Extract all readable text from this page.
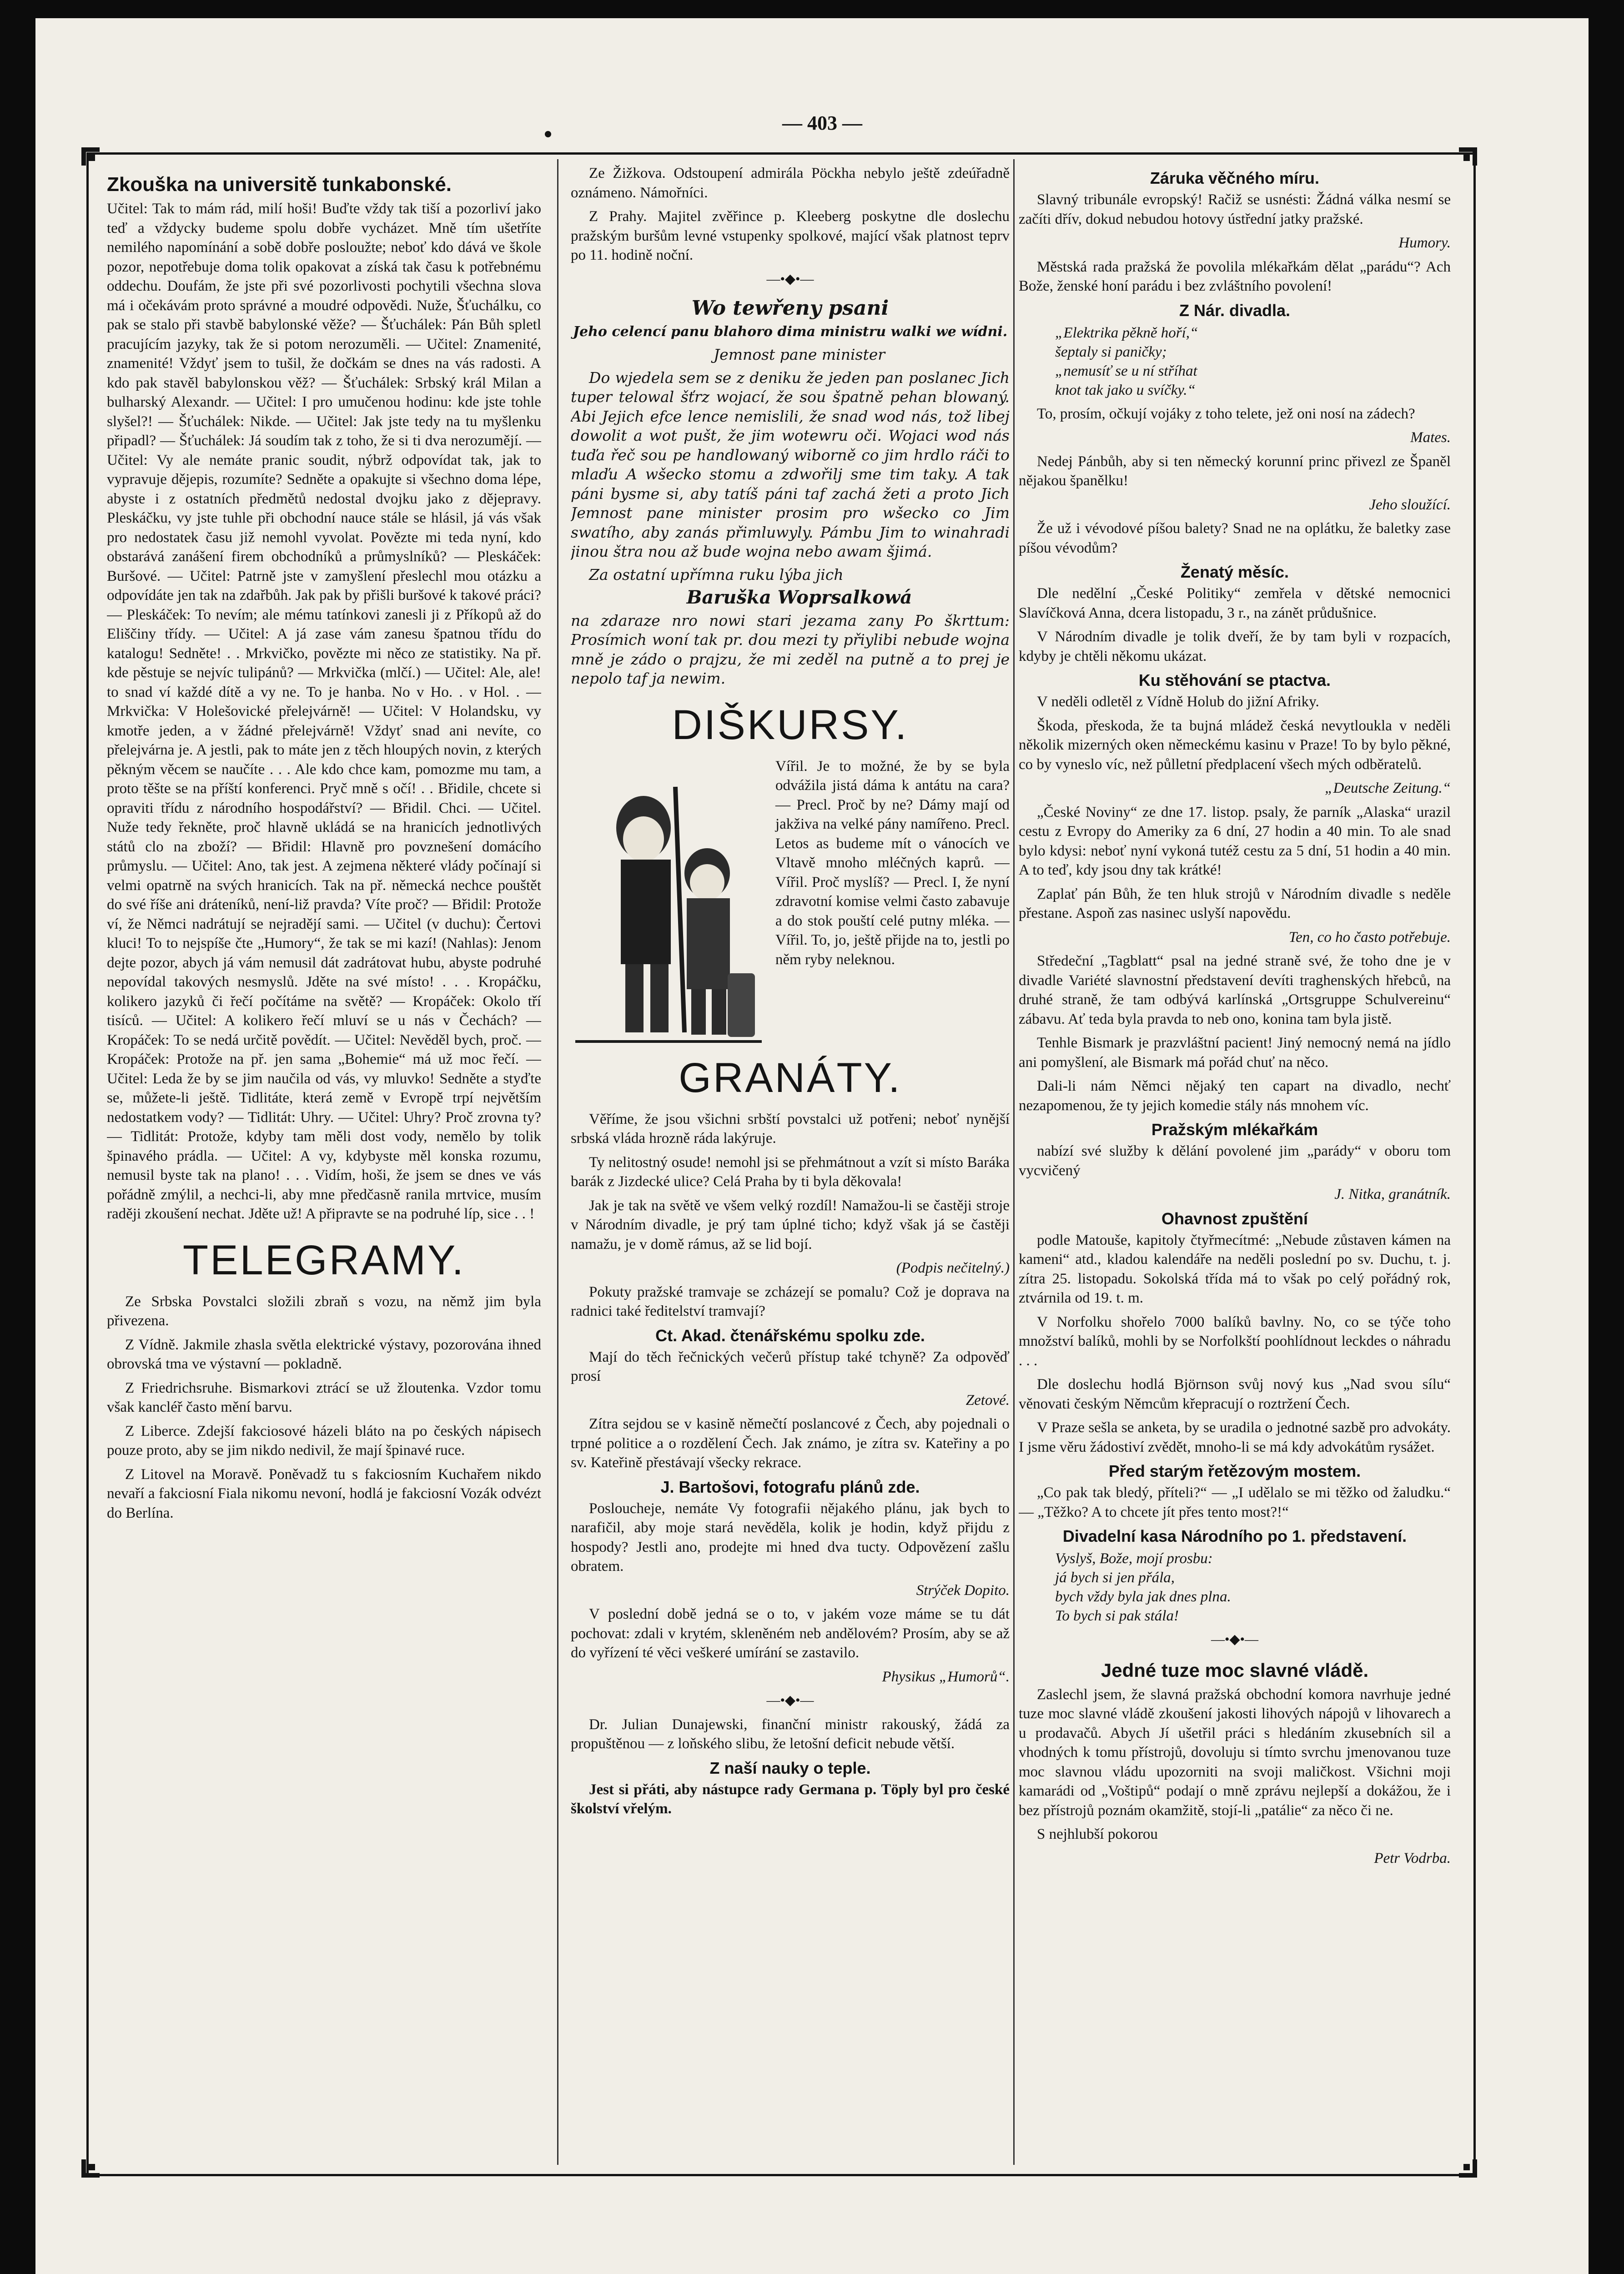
— 403 —
Zkouška na universitě tunkabonské.

Učitel: Tak to mám rád, milí hoši! Buďte vždy tak tiší a pozorliví jako teď a vždycky budeme spolu dobře vycházet. Mně tím ušetříte nemilého napomínání a sobě dobře posloužte; neboť kdo dává ve škole pozor, nepotřebuje doma tolik opakovat a získá tak času k potřebnému oddechu. Doufám, že jste při své pozorlivosti pochytili všechna slova má i očekávám proto správné a moudré odpovědi. Nuže, Šťuchálku, co pak se stalo při stavbě babylonské věže? — Šťuchálek: Pán Bůh spletl pracujícím jazyky, tak že si potom nerozuměli. — Učitel: Znamenité, znamenité! Vždyť jsem to tušil, že dočkám se dnes na vás radosti. A kdo pak stavěl babylonskou věž? — Šťuchálek: Srbský král Milan a bulharský Alexandr. — Učitel: I pro umučenou hodinu: kde jste tohle slyšel?! — Šťuchálek: Nikde. — Učitel: Jak jste tedy na tu myšlenku připadl? — Šťuchálek: Já soudím tak z toho, že si ti dva nerozumějí. — Učitel: Vy ale nemáte pranic soudit, nýbrž odpovídat tak, jak to vypravuje dějepis, rozumíte? Sedněte a opakujte si všechno doma lépe, abyste i z ostatních předmětů nedostal dvojku jako z dějepravy. Pleskáčku, vy jste tuhle při obchodní nauce stále se hlásil, já vás však pro nedostatek času již nemohl vyvolat. Povězte mi teda nyní, kdo obstarává zanášení firem obchodníků a průmyslníků? — Pleskáček: Buršové. — Učitel: Patrně jste v zamyšlení přeslechl mou otázku a odpovídáte jen tak na zdařbůh. Jak pak by přišli buršové k takové práci? — Pleskáček: To nevím; ale mému tatínkovi zanesli ji z Příkopů až do Eliščiny třídy. — Učitel: A já zase vám zanesu špatnou třídu do katalogu! Sedněte! . . Mrkvičko, povězte mi něco ze statistiky. Na př. kde pěstuje se nejvíc tulipánů? — Mrkvička (mlčí.) — Učitel: Ale, ale! to snad ví každé dítě a vy ne. To je hanba. No v Ho. . v Hol. . — Mrkvička: V Holešovické přelejvárně! — Učitel: V Holandsku, vy kmotře jeden, a v žádné přelejvárně! Vždyť snad ani nevíte, co přelejvárna je. A jestli, pak to máte jen z těch hloupých novin, z kterých pěkným věcem se naučíte . . . Ale kdo chce kam, pomozme mu tam, a proto těšte se na příští konferenci. Pryč mně s očí! . . Břidile, chcete si opraviti třídu z národního hospodářství? — Břidil. Chci. — Učitel. Nuže tedy řekněte, proč hlavně ukládá se na hranicích jednotlivých států clo na zboží? — Břidil: Hlavně pro povznešení domácího průmyslu. — Učitel: Ano, tak jest. A zejmena některé vlády počínají si velmi opatrně na svých hranicích. Tak na př. německá nechce pouštět do své říše ani dráteníků, není-liž pravda? Víte proč? — Břidil: Protože ví, že Němci nadrátují se nejradějí sami. — Učitel (v duchu): Čertovi kluci! To to nejspíše čte „Humory“, že tak se mi kazí! (Nahlas): Jenom dejte pozor, abych já vám nemusil dát zadrátovat hubu, abyste podruhé nepovídal takových nesmyslů. Jděte na své místo! . . . Kropáčku, kolikero jazyků či řečí počítáme na světě? — Kropáček: Okolo tří tisíců. — Učitel: A kolikero řečí mluví se u nás v Čechách? — Kropáček: To se nedá určitě povědít. — Učitel: Nevěděl bych, proč. — Kropáček: Protože na př. jen sama „Bohemie“ má už moc řečí. — Učitel: Leda že by se jim naučila od vás, vy mluvko! Sedněte a styďte se, můžete-li ještě. Tidlitáte, která země v Evropě trpí největším nedostatkem vody? — Tidlitát: Uhry. — Učitel: Uhry? Proč zrovna ty? — Tidlitát: Protože, kdyby tam měli dost vody, nemělo by tolik špinavého prádla. — Učitel: A vy, kdybyste měl konska rozumu, nemusil byste tak na plano! . . . Vidím, hoši, že jsem se dnes ve vás pořádně zmýlil, a nechci-li, aby mne předčasně ranila mrtvice, musím raději zkoušení nechat. Jděte už! A připravte se na podruhé líp, sice . . !

TELEGRAMY.

Ze Srbska Povstalci složili zbraň s vozu, na němž jim byla přivezena.

Z Vídně. Jakmile zhasla světla elektrické výstavy, pozorována ihned obrovská tma ve výstavní — pokladně.

Z Friedrichsruhe. Bismarkovi ztrácí se už žloutenka. Vzdor tomu však kancléř často mění barvu.

Z Liberce. Zdejší fakciosové házeli bláto na po českých nápisech pouze proto, aby se jim nikdo nedivil, že mají špinavé ruce.

Z Litovel na Moravě. Poněvadž tu s fakciosním Kuchařem nikdo nevaří a fakciosní Fiala nikomu nevoní, hodlá je fakciosní Vozák odvézt do Berlína.

Ze Žižkova. Odstoupení admirála Pöckha nebylo ještě zdeúřadně oznámeno. Námořníci.

Z Prahy. Majitel zvěřince p. Kleeberg poskytne dle doslechu pražským buršům levné vstupenky spolkové, mající však platnost teprv po 11. hodině noční.

—•◆•—
Wo tewřeny psani
Jeho celencí panu blahoro dima ministru walki we wídni.

Jemnost pane minister

Do wjedela sem se z deniku že jeden pan poslanec Jich tuper telowal šťrz wojací, že sou špatně pehan blowaný. Abi Jejich efce lence nemislili, že snad wod nás, tož libej dowolit a wot pušt, že jim wotewru oči. Wojaci wod nás tuďa řeč sou pe handlowaný wiborně co jim hrdlo ráči to mlaďu A wšecko stomu a zdwořilj sme tim taky. A tak páni bysme si, aby tatíš páni taf zachá žeti a proto Jich Jemnost pane minister prosim pro wšecko co Jim swatího, aby zanás přimluwyly. Pámbu Jim to winahradi jinou štra nou až bude wojna nebo awam šjimá.

Za ostatní upřímna ruku lýba jich

Baruška Woprsalkowá

na zdaraze nro nowi stari jezama zany Po škrttum: Prosímich woní tak pr. dou mezi ty přiylibi nebude wojna mně je zádo o prajzu, že mi zeděl na putně a to prej je nepolo taf ja newim.

DIŠKURSY.

Vířil. Je to možné, že by se byla odvážila jistá dáma k antátu na cara? — Precl. Proč by ne? Dámy mají od jakživa na velké pány namířeno. Precl. Letos as budeme mít o vánocích ve Vltavě mnoho mléčných kaprů. — Vířil. Proč myslíš? — Precl. I, že nyní zdravotní komise velmi často zabavuje a do stok pouští celé putny mléka. — Vířil. To, jo, ještě přijde na to, jestli po něm ryby neleknou.

GRANÁTY.

Věříme, že jsou všichni srbští povstalci už potřeni; neboť nynější srbská vláda hrozně ráda lakýruje.

Ty nelitostný osude! nemohl jsi se přehmátnout a vzít si místo Baráka barák z Jizdecké ulice? Celá Praha by ti byla děkovala!

Jak je tak na světě ve všem velký rozdíl! Namažou-li se častěji stroje v Národním divadle, je prý tam úplné ticho; když však já se častěji namažu, je v domě rámus, až se lid bojí.

(Podpis nečitelný.)

Pokuty pražské tramvaje se zcházejí se pomalu? Což je doprava na radnici také ředitelství tramvají?

Ct. Akad. čtenářskému spolku zde.

Mají do těch řečnických večerů přístup také tchyně? Za odpověď prosí

Zetové.

Zítra sejdou se v kasině němečtí poslancové z Čech, aby pojednali o trpné politice a o rozdělení Čech. Jak známo, je zítra sv. Kateřiny a po sv. Kateřině přestávají všecky rekrace.

J. Bartošovi, fotografu plánů zde.

Posloucheje, nemáte Vy fotografii nějakého plánu, jak bych to narafičil, aby moje stará nevěděla, kolik je hodin, když přijdu z hospody? Jestli ano, prodejte mi hned dva tucty. Odpovězení zašlu obratem.

Strýček Dopito.

V poslední době jedná se o to, v jakém voze máme se tu dát pochovat: zdali v krytém, skleněném neb andělovém? Prosím, aby se až do vyřízení té věci veškeré umírání se zastavilo.

Physikus „Humorů“.
—•◆•—

Dr. Julian Dunajewski, finanční ministr rakouský, žádá za propuštěnou — z loňského slibu, že letošní deficit nebude větší.

Z naší nauky o teple.

Jest si přáti, aby nástupce rady Germana p. Töply byl pro české školství vřelým.

Záruka věčného míru.

Slavný tribunále evropský! Račiž se usnésti: Žádná válka nesmí se začíti dřív, dokud nebudou hotovy ústřední jatky pražské.

Humory.

Městská rada pražská že povolila mlékařkám dělat „parádu“? Ach Bože, ženské honí parádu i bez zvláštního povolení!

Z Nár. divadla.
„Elektrika pěkně hoří,“
šeptaly si paničky;
„nemusíť se u ní stříhat
knot tak jako u svíčky.“

To, prosím, očkují vojáky z toho telete, jež oni nosí na zádech?

Mates.

Nedej Pánbůh, aby si ten německý korunní princ přivezl ze Španěl nějakou španělku!

Jeho sloužící.

Že už i vévodové píšou balety? Snad ne na oplátku, že baletky zase píšou vévodům?

Ženatý měsíc.

Dle nedělní „České Politiky“ zemřela v dětské nemocnici Slavíčková Anna, dcera listopadu, 3 r., na zánět průdušnice.

V Národním divadle je tolik dveří, že by tam byli v rozpacích, kdyby je chtěli někomu ukázat.

Ku stěhování se ptactva.

V neděli odletěl z Vídně Holub do jižní Afriky.

Škoda, přeskoda, že ta bujná mládež česká nevytloukla v neděli několik mizerných oken německému kasinu v Praze! To by bylo pěkné, co by vyneslo víc, než půlletní předplacení všech mých odběratelů.

„Deutsche Zeitung.“

„České Noviny“ ze dne 17. listop. psaly, že parník „Alaska“ urazil cestu z Evropy do Ameriky za 6 dní, 27 hodin a 40 min. To ale snad bylo kdysi: neboť nyní vykoná tutéž cestu za 5 dní, 51 hodin a 40 min. A to teď, kdy jsou dny tak krátké!

Zaplať pán Bůh, že ten hluk strojů v Národním divadle s neděle přestane. Aspoň zas nasinec uslyší napovědu.

Ten, co ho často potřebuje.

Středeční „Tagblatt“ psal na jedné straně své, že toho dne je v divadle Variété slavnostní představení devíti traghenských hřebců, na druhé straně, že tam odbývá karlínská „Ortsgruppe Schulvereinu“ zábavu. Ať teda byla pravda to neb ono, konina tam byla jistě.

Tenhle Bismark je prazvláštní pacient! Jiný nemocný nemá na jídlo ani pomyšlení, ale Bismark má pořád chuť na něco.

Dali-li nám Němci nějaký ten capart na divadlo, nechť nezapomenou, že ty jejich komedie stály nás mnohem víc.

Pražským mlékařkám

nabízí své služby k dělání povolené jim „parády“ v oboru tom vycvičený

J. Nitka, granátník.
Ohavnost zpuštění

podle Matouše, kapitoly čtyřmecítmé: „Nebude zůstaven kámen na kameni“ atd., kladou kalendáře na neděli poslední po sv. Duchu, t. j. zítra 25. listopadu. Sokolská třída má to však po celý pořádný rok, ztvárnila od 19. t. m.

V Norfolku shořelo 7000 balíků bavlny. No, co se týče toho množství balíků, mohli by se Norfolkští poohlídnout leckdes o náhradu . . .

Dle doslechu hodlá Björnson svůj nový kus „Nad svou sílu“ věnovati českým Němcům křepracují o roztržení Čech.

V Praze sešla se anketa, by se uradila o jednotné sazbě pro advokáty. I jsme věru žádostiví zvědět, mnoho-li se má kdy advokátům rysážet.

Před starým řetězovým mostem.

„Co pak tak bledý, příteli?“ — „I udělalo se mi těžko od žaludku.“ — „Těžko? A to chcete jít přes tento most?!“

Divadelní kasa Národního po 1. představení.
Vyslyš, Bože, mojí prosbu:
já bych si jen přála,
bych vždy byla jak dnes plna.
To bych si pak stála!
—•◆•—
Jedné tuze moc slavné vládě.

Zaslechl jsem, že slavná pražská obchodní komora navrhuje jedné tuze moc slavné vládě zkoušení jakosti lihových nápojů v lihovarech a u prodavačů. Abych Jí ušetřil práci s hledáním zkusebních sil a vhodných k tomu přístrojů, dovoluju si tímto svrchu jmenovanou tuze moc slavnou vládu upozorniti na svoji maličkost. Všichni moji kamarádi od „Voštipů“ podají o mně zprávu nejlepší a dokážou, že i bez přístrojů poznám okamžitě, stojí-li „patálie“ za něco či ne.

S nejhlubší pokorou

Petr Vodrba.
